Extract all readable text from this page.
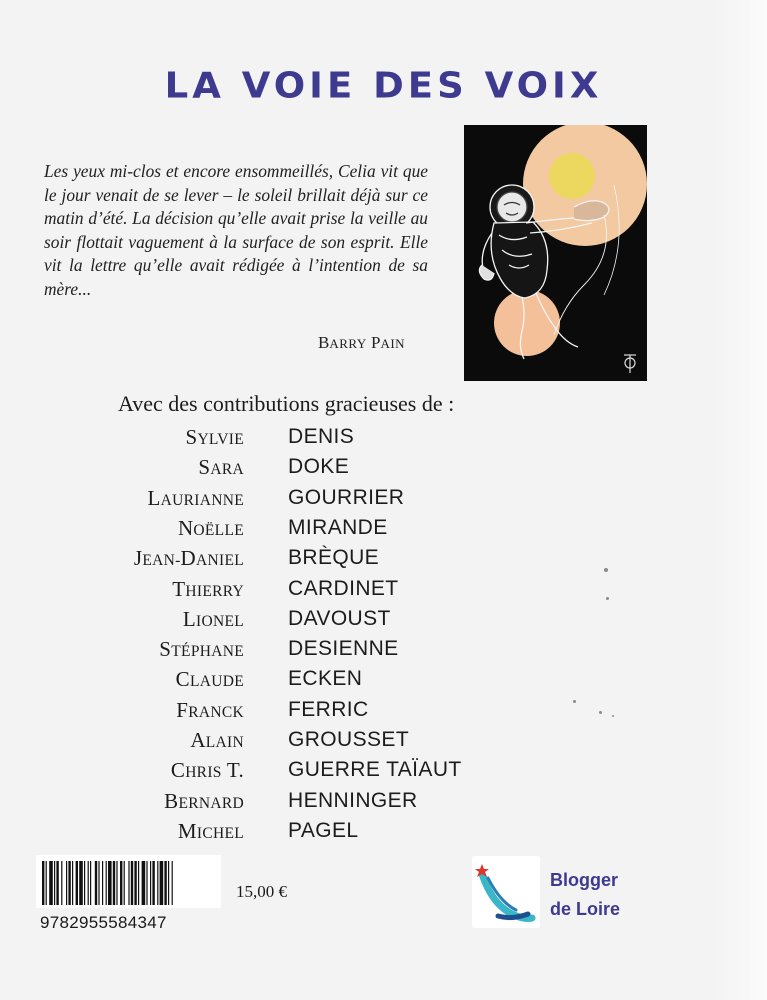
LA VOIE DES VOIX
Les yeux mi-clos et encore ensommeillés, Celia vit que le jour venait de se lever – le soleil brillait déjà sur ce matin d’été. La décision qu’elle avait prise la veille au soir flottait vaguement à la surface de son esprit. Elle vit la lettre qu’elle avait rédigée à l’intention de sa mère...
BARRY PAIN
Avec des contributions gracieuses de :
SYLVIE DENIS
SARA DOKE
LAURIANNE GOURRIER
NOËLLE MIRANDE
JEAN-DANIEL BRÈQUE
THIERRY CARDINET
LIONEL DAVOUST
STÉPHANE DESIENNE
CLAUDE ECKEN
FRANCK FERRIC
ALAIN GROUSSET
CHRIS T. GUERRE TAÏAUT
BERNARD HENNINGER
MICHEL PAGEL
9782955584347
15,00 €
Blogger
de Loire
